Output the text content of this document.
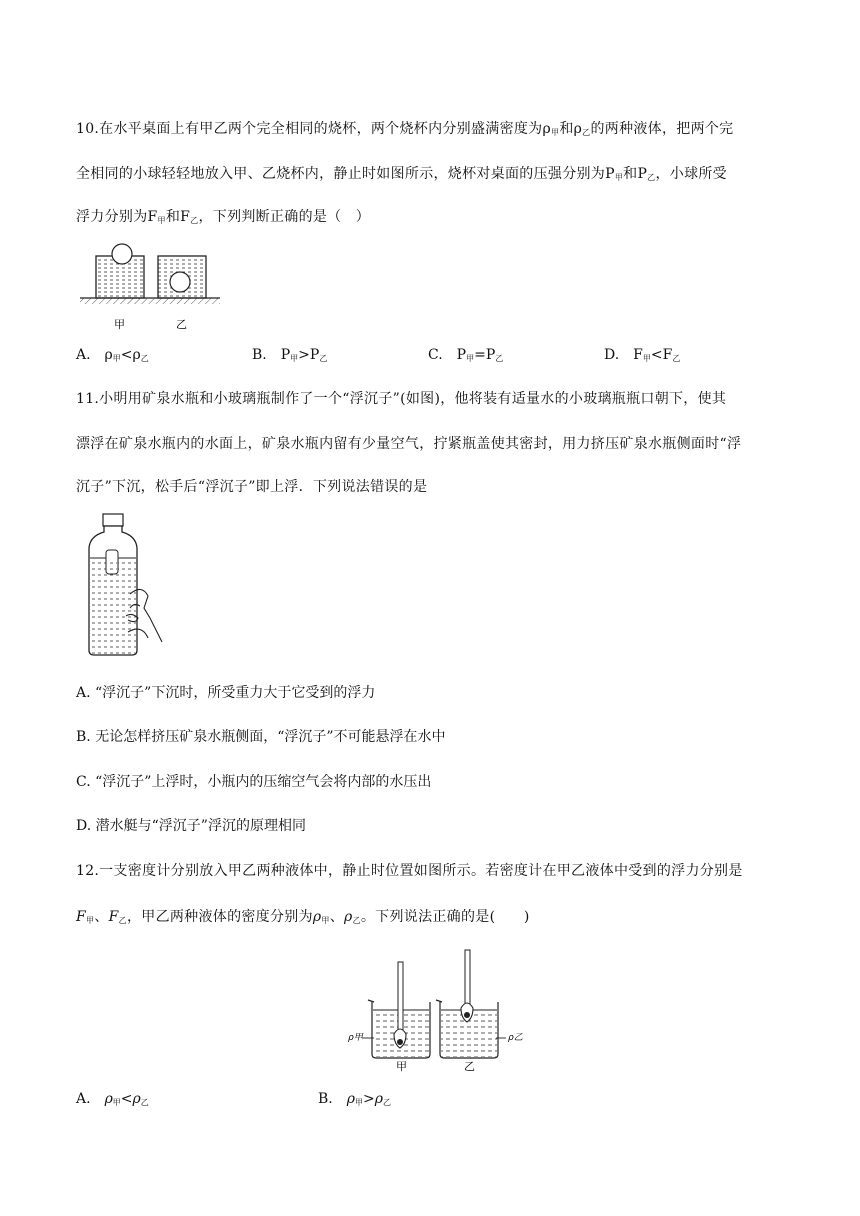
10.在水平桌面上有甲乙两个完全相同的烧杯，两个烧杯内分别盛满密度为$\rho_甲$和$\rho_乙$的两种液体，把两个完
全相同的小球轻轻地放入甲、乙烧杯内，静止时如图所示，烧杯对桌面的压强分别为$P_甲$和$P_乙$，小球所受
浮力分别为$F_甲$和$F_乙$，下列判断正确的是（　）
甲	乙
A.　$\rho_甲<\rho_乙$	B.　$P_甲>P_乙$	C.　$P_甲=P_乙$	D.　$F_甲<F_乙$
11.小明用矿泉水瓶和小玻璃瓶制作了一个“浮沉子”(如图)，他将装有适量水的小玻璃瓶瓶口朝下，使其
漂浮在矿泉水瓶内的水面上，矿泉水瓶内留有少量空气，拧紧瓶盖使其密封，用力挤压矿泉水瓶侧面时“浮
沉子”下沉，松手后“浮沉子”即上浮．下列说法错误的是
A. “浮沉子”下沉时，所受重力大于它受到的浮力
B. 无论怎样挤压矿泉水瓶侧面，“浮沉子”不可能悬浮在水中
C. “浮沉子”上浮时，小瓶内的压缩空气会将内部的水压出
D. 潜水艇与“浮沉子”浮沉的原理相同
12.一支密度计分别放入甲乙两种液体中，静止时位置如图所示。若密度计在甲乙液体中受到的浮力分别是
$F_甲$、$F_乙$，甲乙两种液体的密度分别为$\rho_甲$、$\rho_乙$。下列说法正确的是(　　)
ρ甲
甲
ρ乙
乙
A.　$\rho_甲<\rho_乙$	B.　$\rho_甲>\rho_乙$
